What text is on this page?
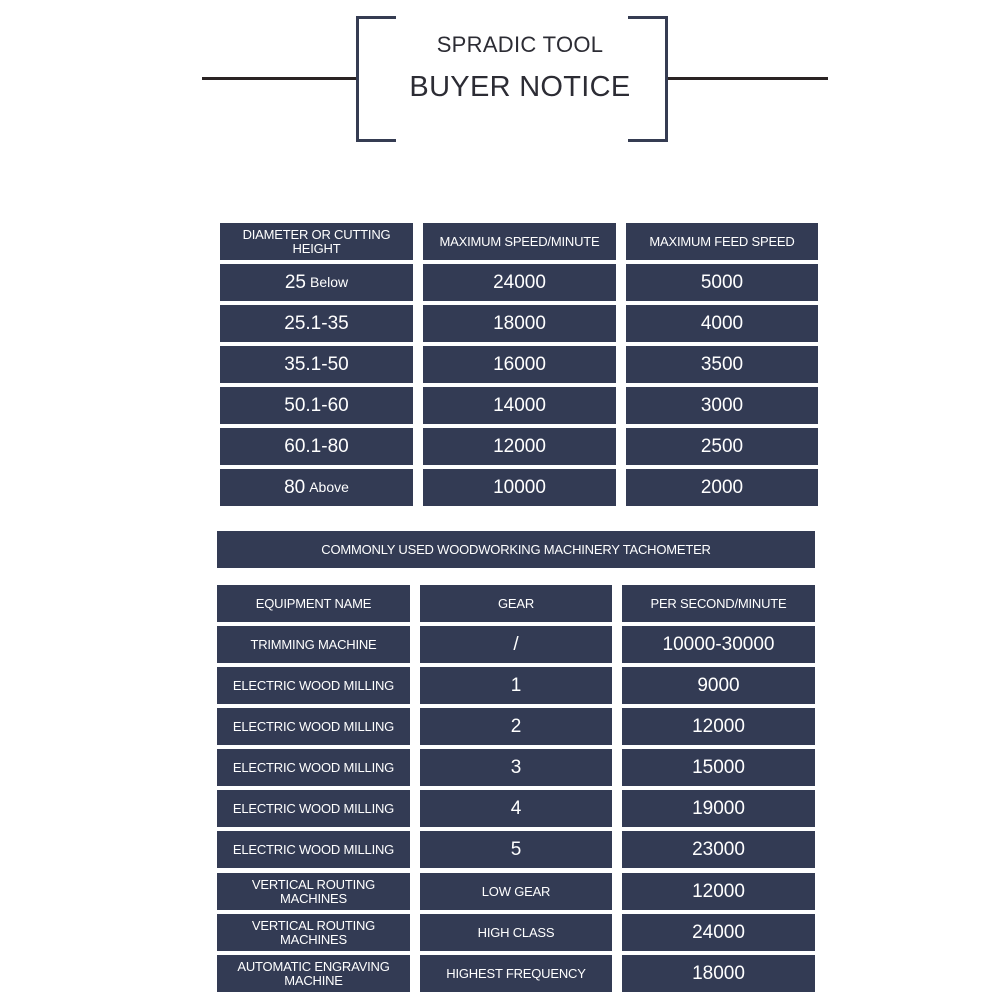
SPRADIC TOOL
BUYER NOTICE
DIAMETER OR CUTTING HEIGHT	MAXIMUM SPEED/MINUTE	MAXIMUM FEED SPEED
25 Below	24000	5000
25.1-35	18000	4000
35.1-50	16000	3500
50.1-60	14000	3000
60.1-80	12000	2500
80 Above	10000	2000
COMMONLY USED WOODWORKING MACHINERY TACHOMETER
EQUIPMENT NAME	GEAR	PER SECOND/MINUTE
TRIMMING MACHINE	/	10000-30000
ELECTRIC WOOD MILLING	1	9000
ELECTRIC WOOD MILLING	2	12000
ELECTRIC WOOD MILLING	3	15000
ELECTRIC WOOD MILLING	4	19000
ELECTRIC WOOD MILLING	5	23000
VERTICAL ROUTING MACHINES	LOW GEAR	12000
VERTICAL ROUTING MACHINES	HIGH CLASS	24000
AUTOMATIC ENGRAVING MACHINE	HIGHEST FREQUENCY	18000
